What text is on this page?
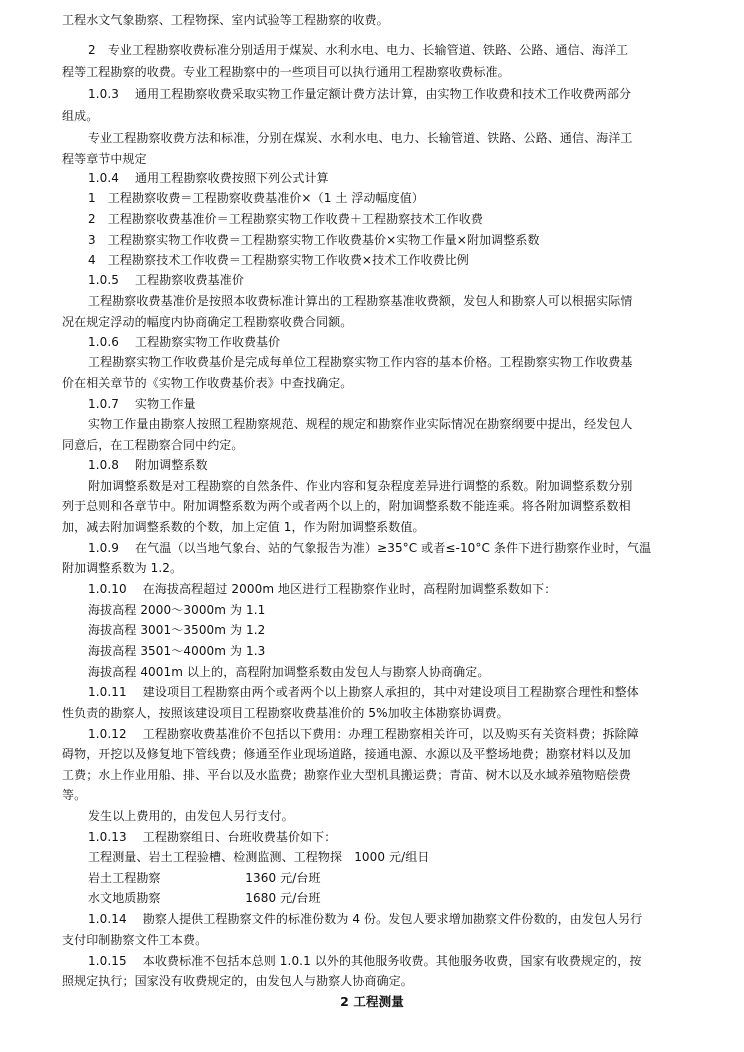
工程水文气象勘察、工程物探、室内试验等工程勘察的收费。
2　专业工程勘察收费标准分别适用于煤炭、水利水电、电力、长输管道、铁路、公路、通信、海洋工
程等工程勘察的收费。专业工程勘察中的一些项目可以执行通用工程勘察收费标准。
1.0.3　 通用工程勘察收费采取实物工作量定额计费方法计算，由实物工作收费和技术工作收费两部分
组成。
专业工程勘察收费方法和标准，分别在煤炭、水利水电、电力、长输管道、铁路、公路、通信、海洋工
程等章节中规定
1.0.4　 通用工程勘察收费按照下列公式计算
1　工程勘察收费＝工程勘察收费基准价×（1 土 浮动幅度值）
2　工程勘察收费基准价＝工程勘察实物工作收费＋工程勘察技术工作收费
3　工程勘察实物工作收费＝工程勘察实物工作收费基价×实物工作量×附加调整系数
4　工程勘察技术工作收费＝工程勘察实物工作收费×技术工作收费比例
1.0.5　 工程勘察收费基准价
工程勘察收费基准价是按照本收费标准计算出的工程勘察基准收费额，发包人和勘察人可以根据实际情
况在规定浮动的幅度内协商确定工程勘察收费合同额。
1.0.6　 工程勘察实物工作收费基价
工程勘察实物工作收费基价是完成每单位工程勘察实物工作内容的基本价格。工程勘察实物工作收费基
价在相关章节的《实物工作收费基价表》中查找确定。
1.0.7　 实物工作量
实物工作量由勘察人按照工程勘察规范、规程的规定和勘察作业实际情况在勘察纲要中提出，经发包人
同意后，在工程勘察合同中约定。
1.0.8　 附加调整系数
附加调整系数是对工程勘察的自然条件、作业内容和复杂程度差异进行调整的系数。附加调整系数分别
列于总则和各章节中。附加调整系数为两个或者两个以上的，附加调整系数不能连乘。将各附加调整系数相
加，减去附加调整系数的个数，加上定值 1，作为附加调整系数值。
1.0.9　 在气温（以当地气象台、站的气象报告为准）≥35°C 或者≤-10°C 条件下进行勘察作业时，气温
附加调整系数为 1.2。
1.0.10　 在海拔高程超过 2000m 地区进行工程勘察作业时，高程附加调整系数如下：
海拔高程 2000～3000m 为 1.1
海拔高程 3001～3500m 为 1.2
海拔高程 3501～4000m 为 1.3
海拔高程 4001m 以上的，高程附加调整系数由发包人与勘察人协商确定。
1.0.11　 建设项目工程勘察由两个或者两个以上勘察人承担的，其中对建设项目工程勘察合理性和整体
性负责的勘察人，按照该建设项目工程勘察收费基准价的 5%加收主体勘察协调费。
1.0.12　 工程勘察收费基准价不包括以下费用：办理工程勘察相关许可，以及购买有关资料费；拆除障
碍物，开挖以及修复地下管线费；修通至作业现场道路，接通电源、水源以及平整场地费；勘察材料以及加
工费；水上作业用船、排、平台以及水监费；勘察作业大型机具搬运费；青苗、树木以及水域养殖物赔偿费
等。
发生以上费用的，由发包人另行支付。
1.0.13　 工程勘察组日、台班收费基价如下：
工程测量、岩土工程验槽、检测监测、工程物探　1000 元/组日
岩土工程勘察　　　　　　　1360 元/台班
水文地质勘察　　　　　　　1680 元/台班
1.0.14　 勘察人提供工程勘察文件的标准份数为 4 份。发包人要求增加勘察文件份数的，由发包人另行
支付印制勘察文件工本费。
1.0.15　 本收费标准不包括本总则 1.0.1 以外的其他服务收费。其他服务收费，国家有收费规定的，按
照规定执行；国家没有收费规定的，由发包人与勘察人协商确定。
2 工程测量
